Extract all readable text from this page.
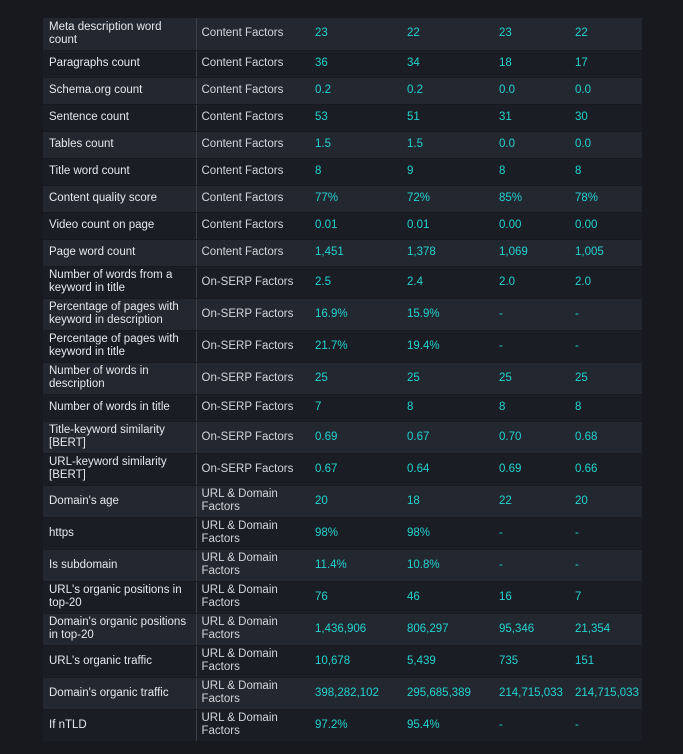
Meta description word count	Content Factors	23	22	23	22
Paragraphs count	Content Factors	36	34	18	17
Schema.org count	Content Factors	0.2	0.2	0.0	0.0
Sentence count	Content Factors	53	51	31	30
Tables count	Content Factors	1.5	1.5	0.0	0.0
Title word count	Content Factors	8	9	8	8
Content quality score	Content Factors	77%	72%	85%	78%
Video count on page	Content Factors	0.01	0.01	0.00	0.00
Page word count	Content Factors	1,451	1,378	1,069	1,005
Number of words from a keyword in title	On-SERP Factors	2.5	2.4	2.0	2.0
Percentage of pages with keyword in description	On-SERP Factors	16.9%	15.9%	-	-
Percentage of pages with keyword in title	On-SERP Factors	21.7%	19.4%	-	-
Number of words in description	On-SERP Factors	25	25	25	25
Number of words in title	On-SERP Factors	7	8	8	8
Title-keyword similarity [BERT]	On-SERP Factors	0.69	0.67	0.70	0.68
URL-keyword similarity [BERT]	On-SERP Factors	0.67	0.64	0.69	0.66
Domain's age	URL & Domain Factors	20	18	22	20
https	URL & Domain Factors	98%	98%	-	-
Is subdomain	URL & Domain Factors	11.4%	10.8%	-	-
URL's organic positions in top-20	URL & Domain Factors	76	46	16	7
Domain's organic positions in top-20	URL & Domain Factors	1,436,906	806,297	95,346	21,354
URL's organic traffic	URL & Domain Factors	10,678	5,439	735	151
Domain's organic traffic	URL & Domain Factors	398,282,102	295,685,389	214,715,033	214,715,033
If nTLD	URL & Domain Factors	97.2%	95.4%	-	-
